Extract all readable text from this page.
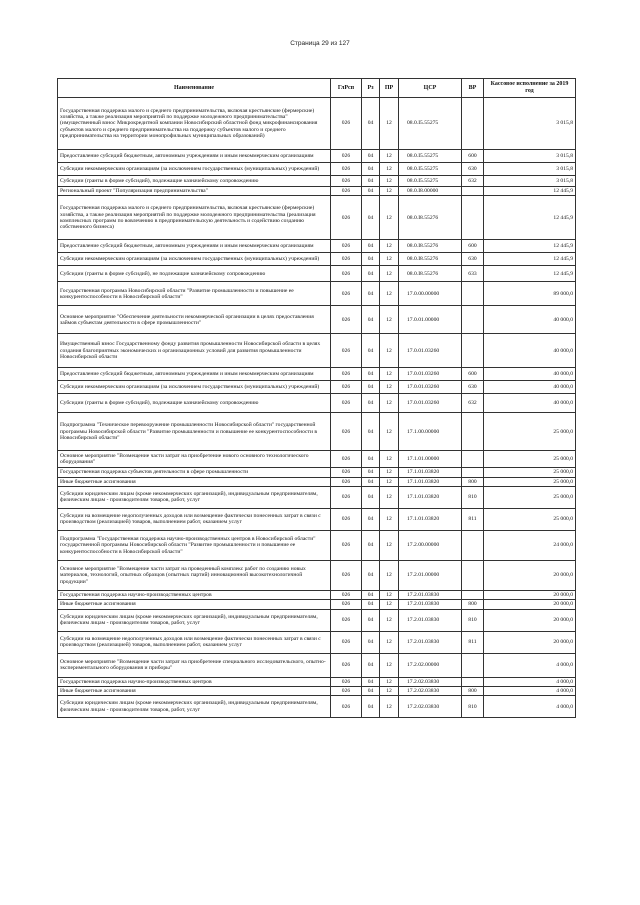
Страница 29 из 127
Наименование	ГлРсп	Рз	ПР	ЦСР	ВР	Кассовое исполнение за 2019 год
Государственная поддержка малого и среднего предпринимательства, включая крестьянские (фермерские) хозяйства, а также реализация мероприятий по поддержке молодежного предпринимательства" (имущественный взнос Микрокредитной компании Новосибирский областной фонд микрофинансирования субъектов малого и среднего предпринимательства на поддержку субъектов малого и среднего предпринимательства на территории монопрофильных муниципальных образований)	026	04	12	08.0.I5.55275		3 015,8
Предоставление субсидий бюджетным, автономным учреждениям и иным некоммерческим организациям	026	04	12	08.0.I5.55275	600	3 015,8
Субсидии некоммерческим организациям (за исключением государственных (муниципальных) учреждений)	026	04	12	08.0.I5.55275	630	3 015,8
Субсидии (гранты в форме субсидий), подлежащие казначейскому сопровождению	026	04	12	08.0.I5.55275	632	3 015,8
Региональный проект "Популяризация предпринимательства"	026	04	12	08.0.I8.00000		12 445,9
Государственная поддержка малого и среднего предпринимательства, включая крестьянские (фермерские) хозяйства, а также реализация мероприятий по поддержке молодежного предпринимательства (реализация комплексных программ по вовлечению в предпринимательскую деятельность и содействию созданию собственного бизнеса)	026	04	12	08.0.I8.55276		12 445,9
Предоставление субсидий бюджетным, автономным учреждениям и иным некоммерческим организациям	026	04	12	08.0.I8.55276	600	12 445,9
Субсидии некоммерческим организациям (за исключением государственных (муниципальных) учреждений)	026	04	12	08.0.I8.55276	630	12 445,9
Субсидии (гранты в форме субсидий), не подлежащие казначейскому сопровождению	026	04	12	08.0.I8.55276	633	12 445,9
Государственная программа Новосибирской области "Развитие промышленности и повышение ее конкурентоспособности в Новосибирской области"	026	04	12	17.0.00.00000		89 000,0
Основное мероприятие "Обеспечение деятельности некоммерческой организации в целях предоставления займов субъектам деятельности в сфере промышленности"	026	04	12	17.0.01.00000		40 000,0
Имущественный взнос Государственному фонду развития промышленности Новосибирской области в целях создания благоприятных экономических и организационных условий для развития промышленности Новосибирской области	026	04	12	17.0.01.03260		40 000,0
Предоставление субсидий бюджетным, автономным учреждениям и иным некоммерческим организациям	026	04	12	17.0.01.03260	600	40 000,0
Субсидии некоммерческим организациям (за исключением государственных (муниципальных) учреждений)	026	04	12	17.0.01.03260	630	40 000,0
Субсидии (гранты в форме субсидий), подлежащие казначейскому сопровождению	026	04	12	17.0.01.03260	632	40 000,0
Подпрограмма "Техническое перевооружение промышленности Новосибирской области" государственной программы Новосибирской области "Развитие промышленности и повышение ее конкурентоспособности в Новосибирской области"	026	04	12	17.1.00.00000		25 000,0
Основное мероприятие "Возмещение части затрат на приобретение нового основного технологического оборудования"	026	04	12	17.1.01.00000		25 000,0
Государственная поддержка субъектов деятельности в сфере промышленности	026	04	12	17.1.01.03820		25 000,0
Иные бюджетные ассигнования	026	04	12	17.1.01.03820	800	25 000,0
Субсидии юридическим лицам (кроме некоммерческих организаций), индивидуальным предпринимателям, физическим лицам - производителям товаров, работ, услуг	026	04	12	17.1.01.03820	810	25 000,0
Субсидии на возмещение недополученных доходов или возмещение фактически понесенных затрат в связи с производством (реализацией) товаров, выполнением работ, оказанием услуг	026	04	12	17.1.01.03820	811	25 000,0
Подпрограмма "Государственная поддержка научно-производственных центров в Новосибирской области" государственной программы Новосибирской области "Развитие промышленности и повышение ее конкурентоспособности в Новосибирской области"	026	04	12	17.2.00.00000		24 000,0
Основное мероприятие "Возмещение части затрат на проведенный комплекс работ по созданию новых материалов, технологий, опытных образцов (опытных партий) инновационной высокотехнологичной продукции"	026	04	12	17.2.01.00000		20 000,0
Государственная поддержка научно-производственных центров	026	04	12	17.2.01.03830		20 000,0
Иные бюджетные ассигнования	026	04	12	17.2.01.03830	800	20 000,0
Субсидии юридическим лицам (кроме некоммерческих организаций), индивидуальным предпринимателям, физическим лицам - производителям товаров, работ, услуг	026	04	12	17.2.01.03830	810	20 000,0
Субсидии на возмещение недополученных доходов или возмещение фактически понесенных затрат в связи с производством (реализацией) товаров, выполнением работ, оказанием услуг	026	04	12	17.2.01.03830	811	20 000,0
Основное мероприятие "Возмещение части затрат на приобретение специального исследовательского, опытно-экспериментального оборудования и приборы"	026	04	12	17.2.02.00000		4 000,0
Государственная поддержка научно-производственных центров	026	04	12	17.2.02.03830		4 000,0
Иные бюджетные ассигнования	026	04	12	17.2.02.03830	800	4 000,0
Субсидии юридическим лицам (кроме некоммерческих организаций), индивидуальным предпринимателям, физическим лицам - производителям товаров, работ, услуг	026	04	12	17.2.02.03830	810	4 000,0
